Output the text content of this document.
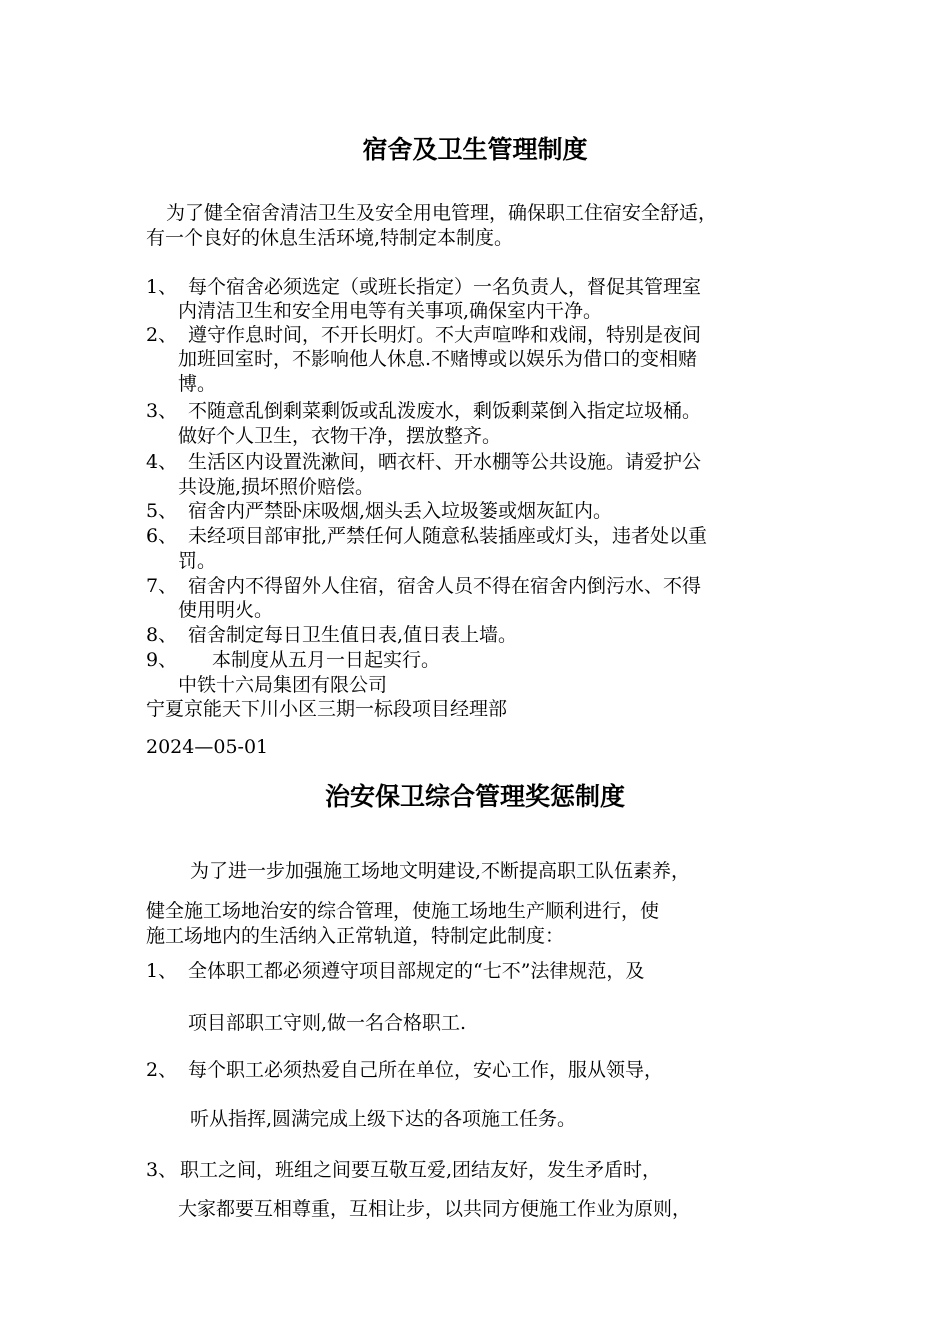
宿舍及卫生管理制度
为了健全宿舍清洁卫生及安全用电管理，确保职工住宿安全舒适，
有一个良好的休息生活环境,特制定本制度。
1、 每个宿舍必须选定（或班长指定）一名负责人，督促其管理室
内清洁卫生和安全用电等有关事项,确保室内干净。
2、 遵守作息时间，不开长明灯。不大声喧哗和戏闹，特别是夜间
加班回室时，不影响他人休息.不赌博或以娱乐为借口的变相赌
博。
3、 不随意乱倒剩菜剩饭或乱泼废水，剩饭剩菜倒入指定垃圾桶。
做好个人卫生，衣物干净，摆放整齐。
4、 生活区内设置洗漱间，晒衣杆、开水棚等公共设施。请爱护公
共设施,损坏照价赔偿。
5、 宿舍内严禁卧床吸烟,烟头丢入垃圾篓或烟灰缸内。
6、 未经项目部审批,严禁任何人随意私装插座或灯头，违者处以重
罚。
7、 宿舍内不得留外人住宿，宿舍人员不得在宿舍内倒污水、不得
使用明火。
8、 宿舍制定每日卫生值日表,值日表上墙。
9、 本制度从五月一日起实行。
中铁十六局集团有限公司
宁夏京能天下川小区三期一标段项目经理部
2024—05-01
治安保卫综合管理奖惩制度
为了进一步加强施工场地文明建设,不断提高职工队伍素养，
健全施工场地治安的综合管理，使施工场地生产顺利进行，使
施工场地内的生活纳入正常轨道，特制定此制度：
1、 全体职工都必须遵守项目部规定的“七不”法律规范，及
项目部职工守则,做一名合格职工.
2、 每个职工必须热爱自己所在单位，安心工作，服从领导，
听从指挥,圆满完成上级下达的各项施工任务。
3、 职工之间，班组之间要互敬互爱,团结友好，发生矛盾时，
大家都要互相尊重，互相让步，以共同方便施工作业为原则，
